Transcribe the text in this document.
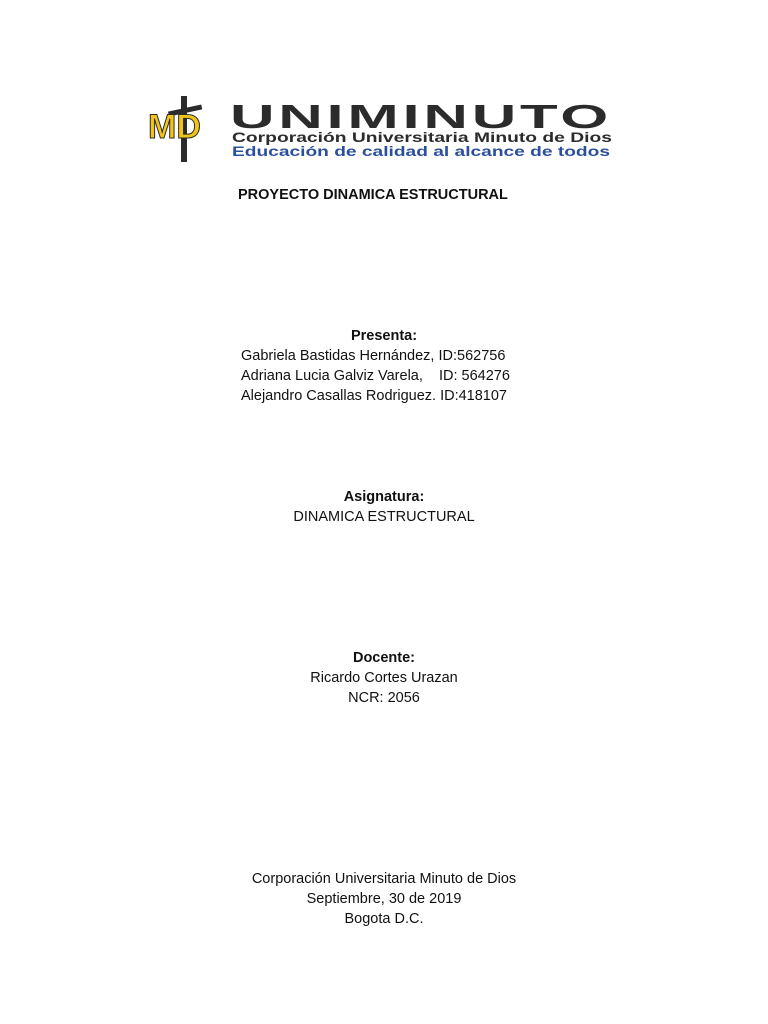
MD UNIMINUTO
Corporación Universitaria Minuto de Dios
Educación de calidad al alcance de todos
PROYECTO DINAMICA ESTRUCTURAL
Presenta:
Gabriela Bastidas Hernández, ID:562756
Adriana Lucia Galviz Varela,    ID: 564276
Alejandro Casallas Rodriguez. ID:418107
Asignatura:
DINAMICA ESTRUCTURAL
Docente:
Ricardo Cortes Urazan
NCR: 2056
Corporación Universitaria Minuto de Dios
Septiembre, 30 de 2019
Bogota D.C.
